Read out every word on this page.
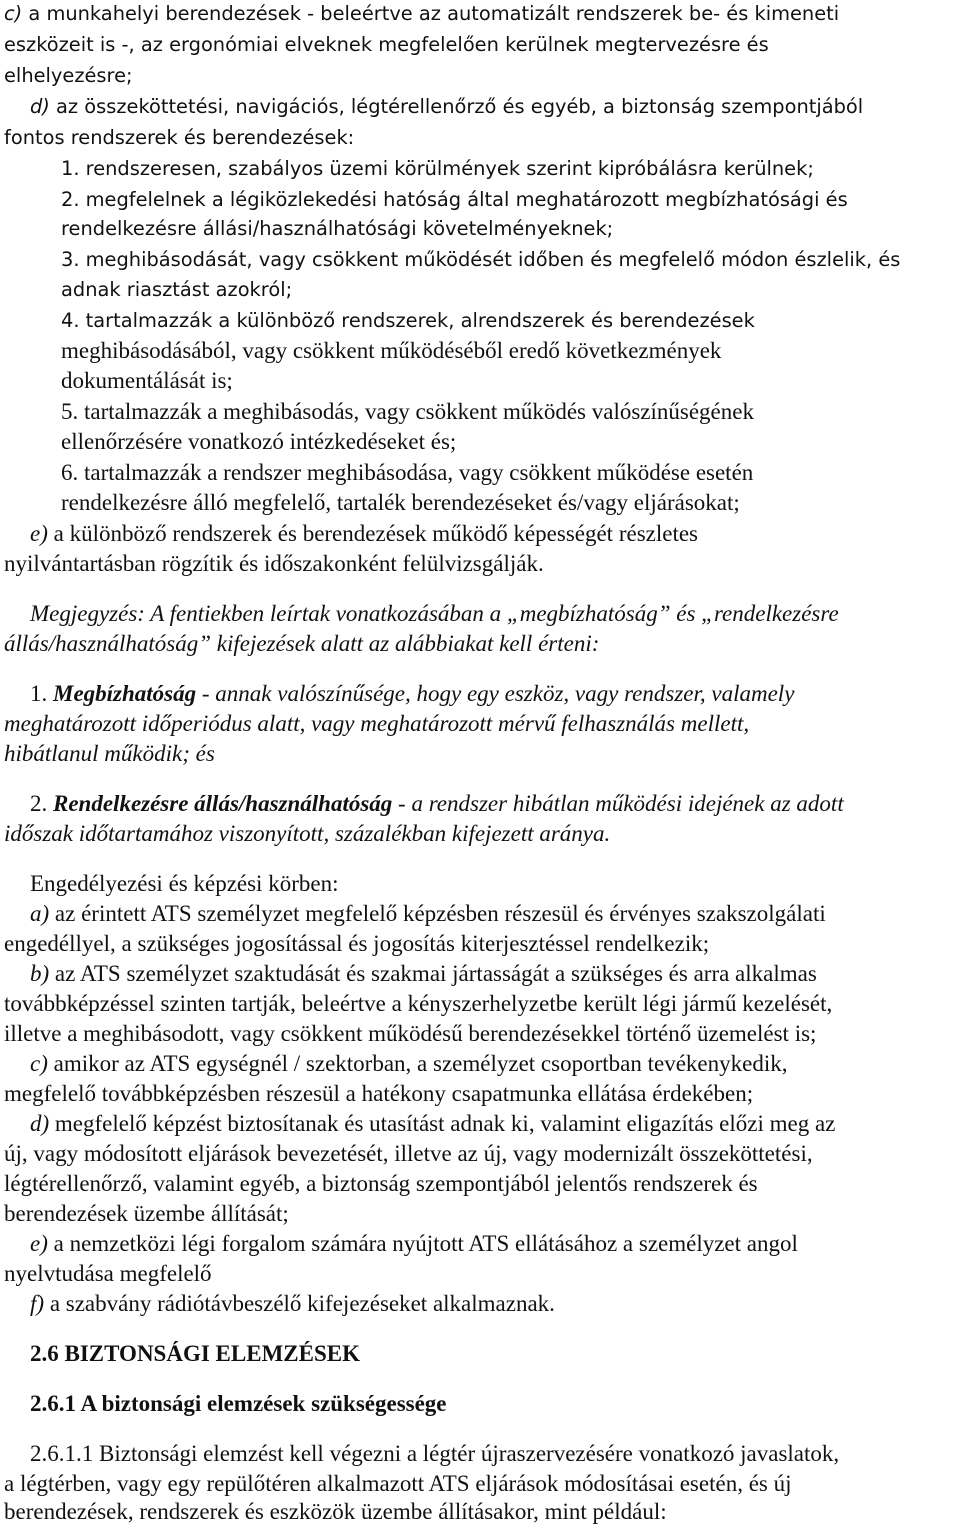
c) a munkahelyi berendezések - beleértve az automatizált rendszerek be- és kimeneti
eszközeit is -, az ergonómiai elveknek megfelelően kerülnek megtervezésre és
elhelyezésre;
d) az összeköttetési, navigációs, légtérellenőrző és egyéb, a biztonság szempontjából
fontos rendszerek és berendezések:
1. rendszeresen, szabályos üzemi körülmények szerint kipróbálásra kerülnek;
2. megfelelnek a légiközlekedési hatóság által meghatározott megbízhatósági és
rendelkezésre állási/használhatósági követelményeknek;
3. meghibásodását, vagy csökkent működését időben és megfelelő módon észlelik, és
adnak riasztást azokról;
4. tartalmazzák a különböző rendszerek, alrendszerek és berendezések
meghibásodásából, vagy csökkent működéséből eredő következmények
dokumentálását is;
5. tartalmazzák a meghibásodás, vagy csökkent működés valószínűségének
ellenőrzésére vonatkozó intézkedéseket és;
6. tartalmazzák a rendszer meghibásodása, vagy csökkent működése esetén
rendelkezésre álló megfelelő, tartalék berendezéseket és/vagy eljárásokat;
e) a különböző rendszerek és berendezések működő képességét részletes
nyilvántartásban rögzítik és időszakonként felülvizsgálják.
Megjegyzés: A fentiekben leírtak vonatkozásában a „megbízhatóság” és „rendelkezésre
állás/használhatóság” kifejezések alatt az alábbiakat kell érteni:
1. Megbízhatóság - annak valószínűsége, hogy egy eszköz, vagy rendszer, valamely
meghatározott időperiódus alatt, vagy meghatározott mérvű felhasználás mellett,
hibátlanul működik; és
2. Rendelkezésre állás/használhatóság - a rendszer hibátlan működési idejének az adott
időszak időtartamához viszonyított, százalékban kifejezett aránya.
Engedélyezési és képzési körben:
a) az érintett ATS személyzet megfelelő képzésben részesül és érvényes szakszolgálati
engedéllyel, a szükséges jogosítással és jogosítás kiterjesztéssel rendelkezik;
b) az ATS személyzet szaktudását és szakmai jártasságát a szükséges és arra alkalmas
továbbképzéssel szinten tartják, beleértve a kényszerhelyzetbe került légi jármű kezelését,
illetve a meghibásodott, vagy csökkent működésű berendezésekkel történő üzemelést is;
c) amikor az ATS egységnél / szektorban, a személyzet csoportban tevékenykedik,
megfelelő továbbképzésben részesül a hatékony csapatmunka ellátása érdekében;
d) megfelelő képzést biztosítanak és utasítást adnak ki, valamint eligazítás előzi meg az
új, vagy módosított eljárások bevezetését, illetve az új, vagy modernizált összeköttetési,
légtérellenőrző, valamint egyéb, a biztonság szempontjából jelentős rendszerek és
berendezések üzembe állítását;
e) a nemzetközi légi forgalom számára nyújtott ATS ellátásához a személyzet angol
nyelvtudása megfelelő
f) a szabvány rádiótávbeszélő kifejezéseket alkalmaznak.
2.6 BIZTONSÁGI ELEMZÉSEK
2.6.1 A biztonsági elemzések szükségessége
2.6.1.1 Biztonsági elemzést kell végezni a légtér újraszervezésére vonatkozó javaslatok,
a légtérben, vagy egy repülőtéren alkalmazott ATS eljárások módosításai esetén, és új
berendezések, rendszerek és eszközök üzembe állításakor, mint például:
